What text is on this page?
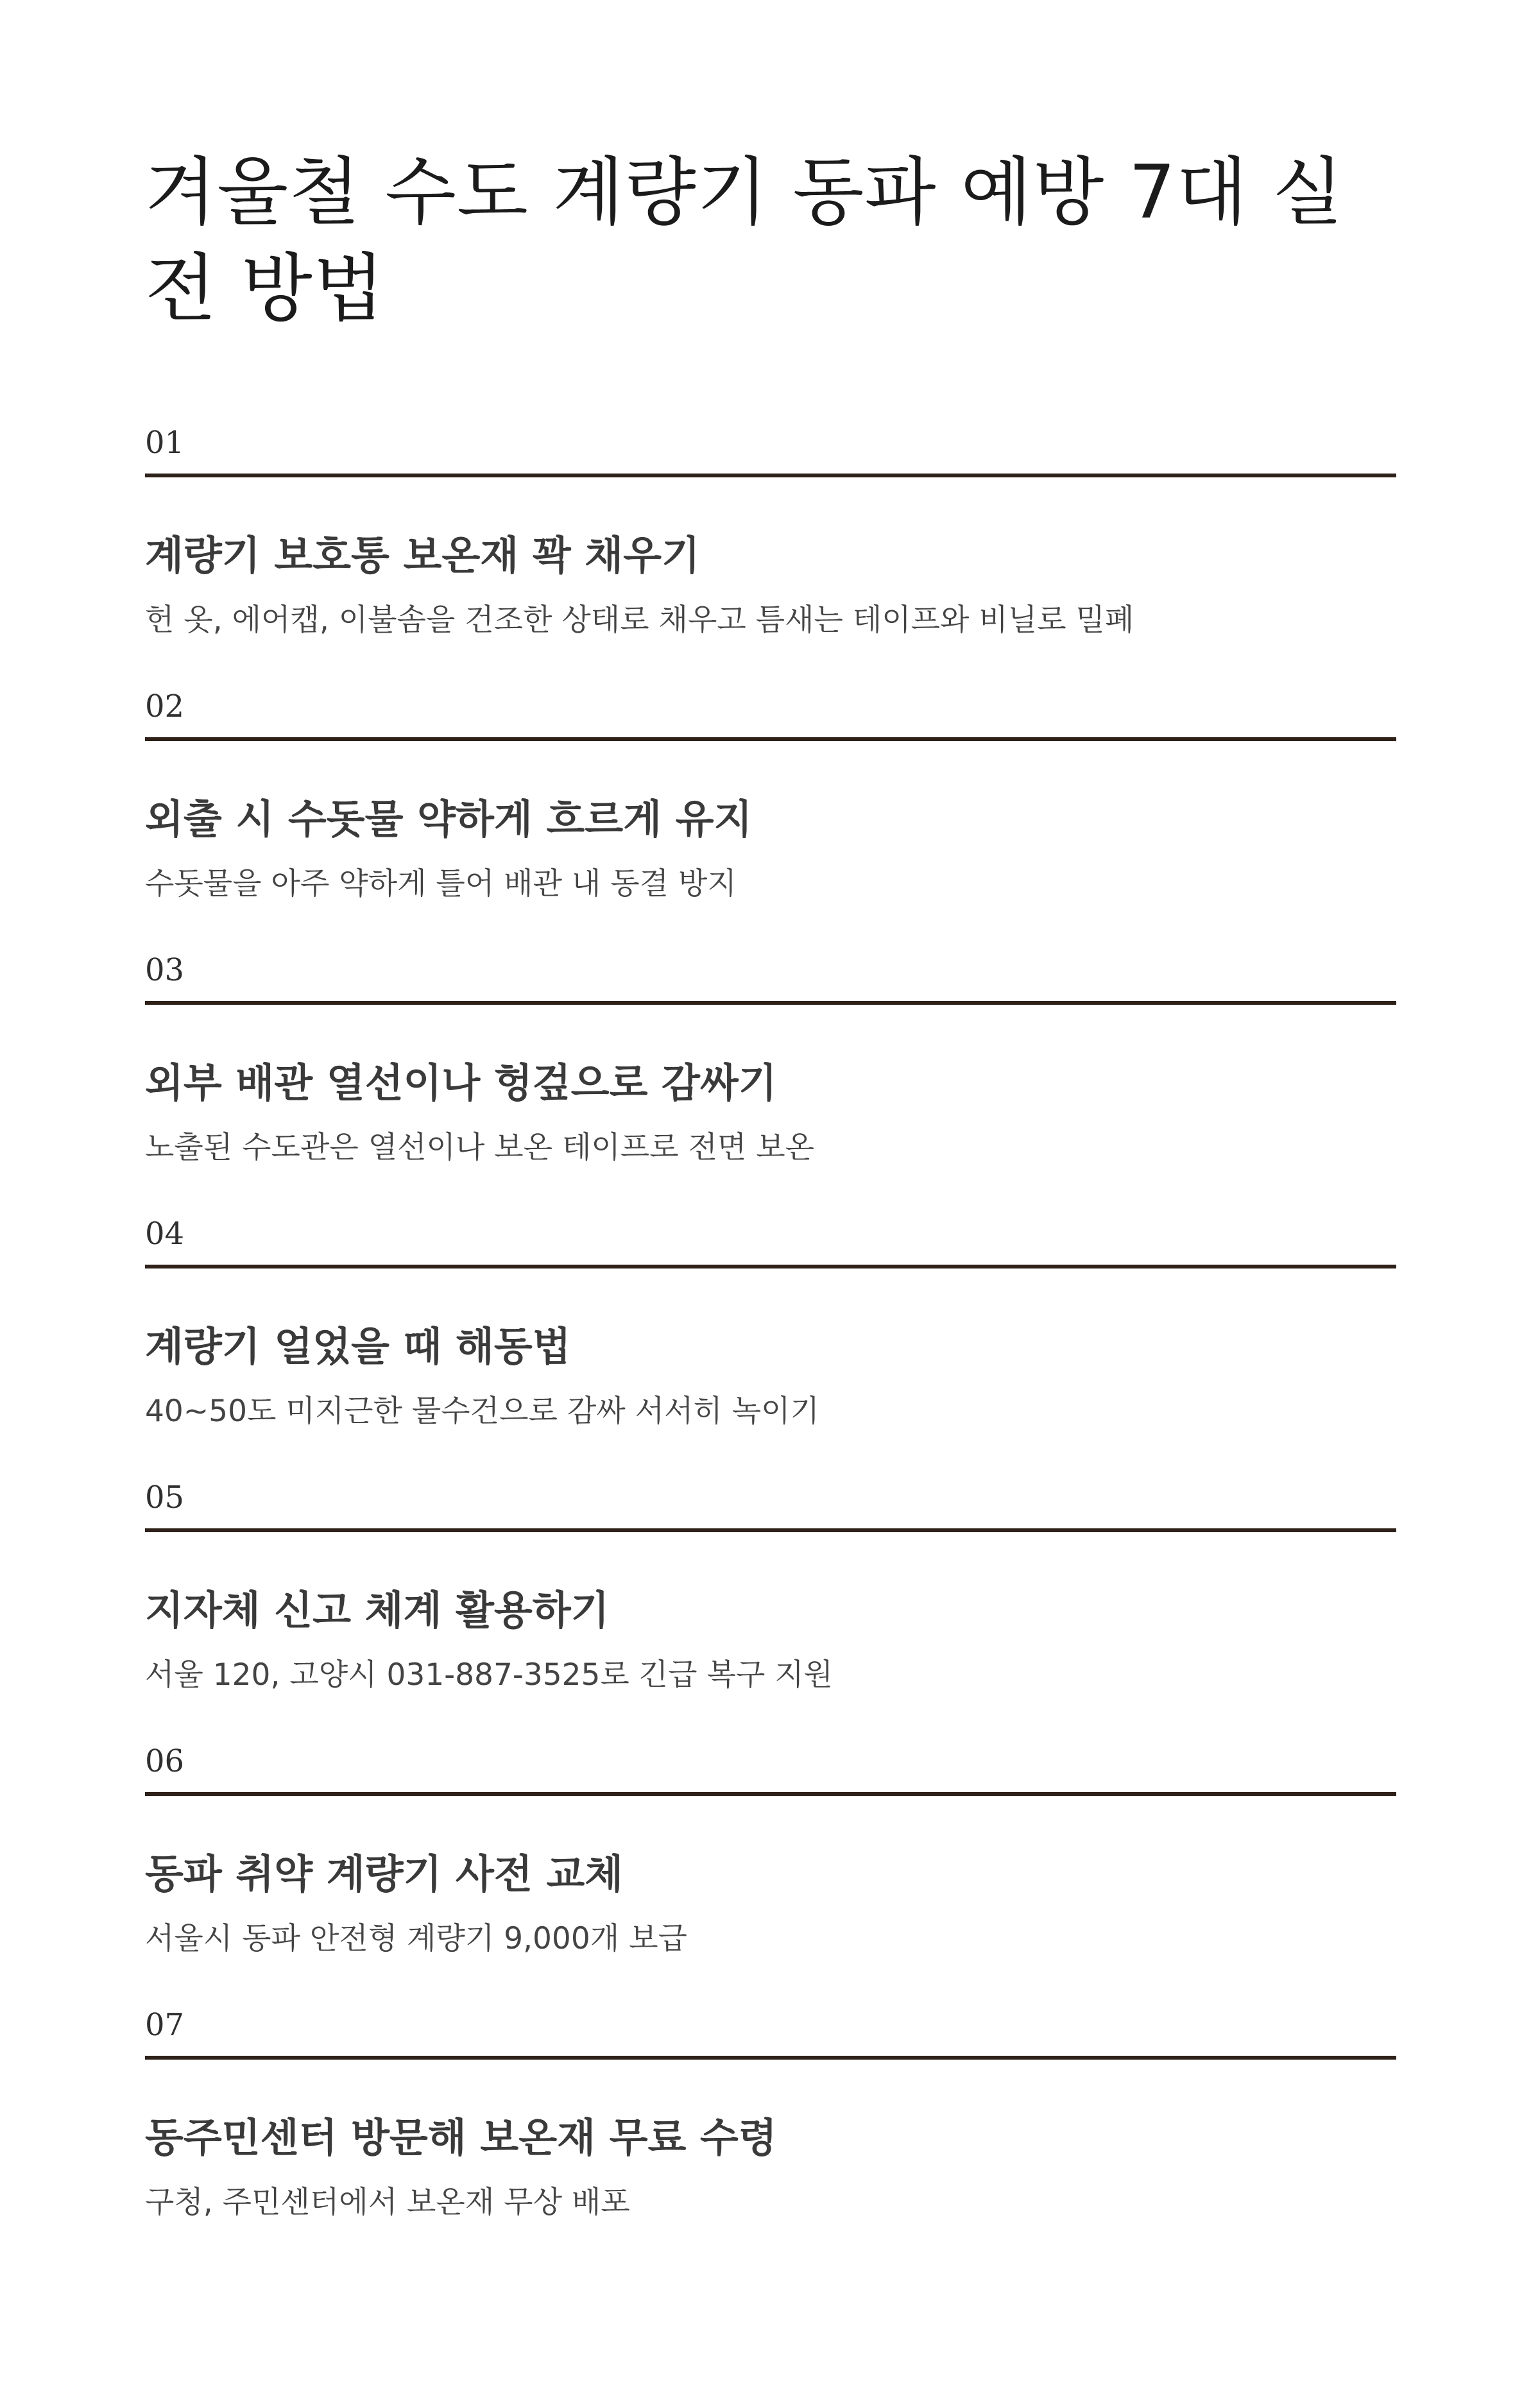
겨울철 수도 계량기 동파 예방 7대 실전 방법
01
계량기 보호통 보온재 꽉 채우기

헌 옷, 에어캡, 이불솜을 건조한 상태로 채우고 틈새는 테이프와 비닐로 밀폐

02
외출 시 수돗물 약하게 흐르게 유지

수돗물을 아주 약하게 틀어 배관 내 동결 방지

03
외부 배관 열선이나 헝겊으로 감싸기

노출된 수도관은 열선이나 보온 테이프로 전면 보온

04
계량기 얼었을 때 해동법

40~50도 미지근한 물수건으로 감싸 서서히 녹이기

05
지자체 신고 체계 활용하기

서울 120, 고양시 031-887-3525로 긴급 복구 지원

06
동파 취약 계량기 사전 교체

서울시 동파 안전형 계량기 9,000개 보급

07
동주민센터 방문해 보온재 무료 수령

구청, 주민센터에서 보온재 무상 배포
